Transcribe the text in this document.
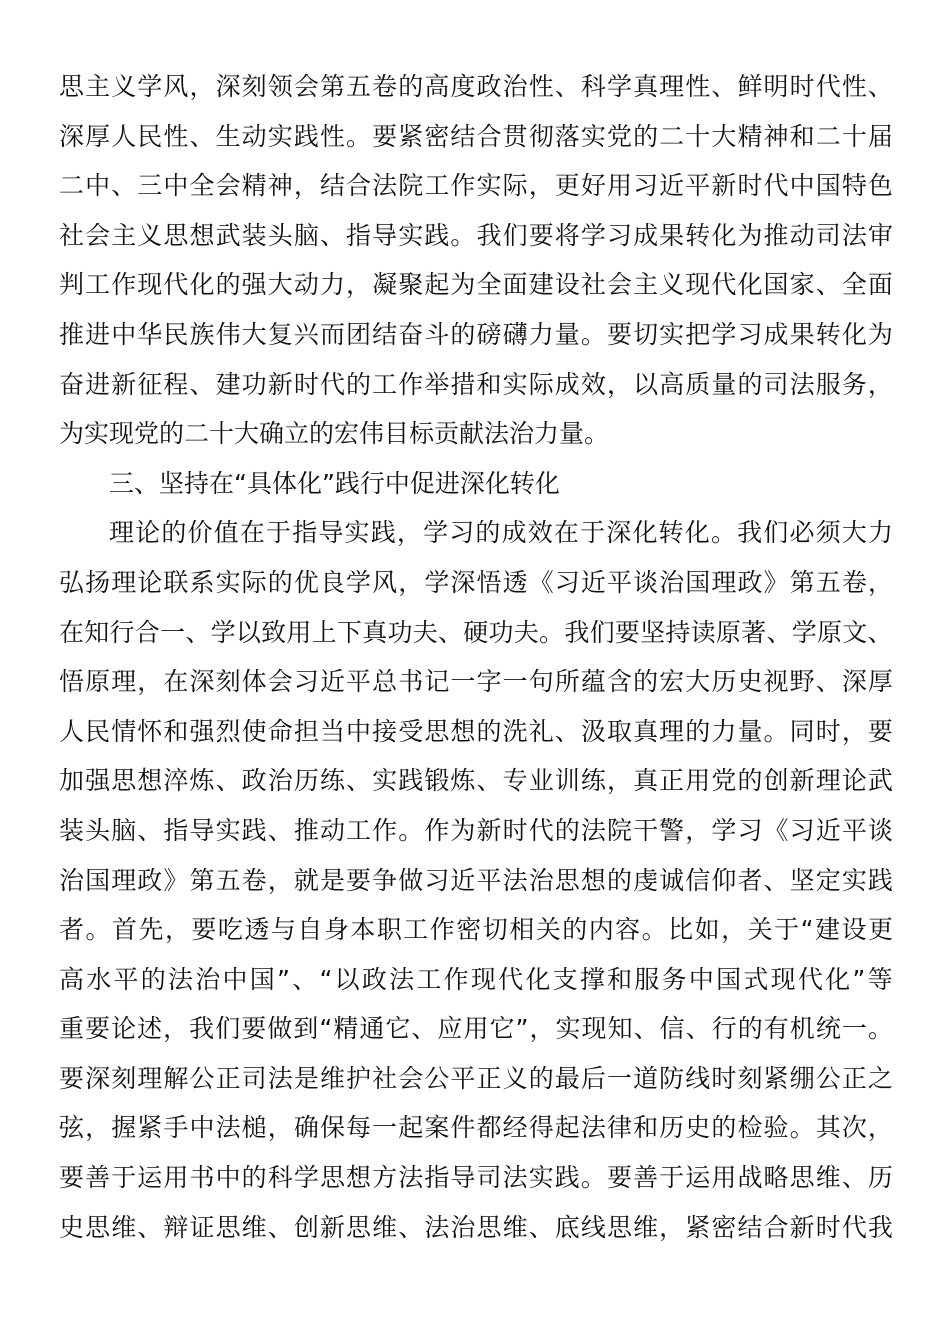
思 主 义 学 风 ， 深 刻 领 会 第 五 卷 的 高 度 政 治 性 、 科 学 真 理 性 、 鲜 明 时 代 性 、
深 厚 人 民 性 、 生 动 实 践 性 。 要 紧 密 结 合 贯 彻 落 实 党 的 二 十 大 精 神 和 二 十 届
二 中 、 三 中 全 会 精 神 ， 结 合 法 院 工 作 实 际 ， 更 好 用 习 近 平 新 时 代 中 国 特 色
社 会 主 义 思 想 武 装 头 脑 、 指 导 实 践 。 我 们 要 将 学 习 成 果 转 化 为 推 动 司 法 审
判 工 作 现 代 化 的 强 大 动 力 ， 凝 聚 起 为 全 面 建 设 社 会 主 义 现 代 化 国 家 、 全 面
推 进 中 华 民 族 伟 大 复 兴 而 团 结 奋 斗 的 磅 礴 力 量 。 要 切 实 把 学 习 成 果 转 化 为
奋 进 新 征 程 、 建 功 新 时 代 的 工 作 举 措 和 实 际 成 效 ， 以 高 质 量 的 司 法 服 务 ，
为实现党的二十大确立的宏伟目标贡献法治力量。
三、坚持在“具体化”践行中促进深化转化
理 论 的 价 值 在 于 指 导 实 践 ， 学 习 的 成 效 在 于 深 化 转 化 。 我 们 必 须 大 力
弘 扬 理 论 联 系 实 际 的 优 良 学 风 ， 学 深 悟 透 《 习 近 平 谈 治 国 理 政 》 第 五 卷 ，
在 知 行 合 一 、 学 以 致 用 上 下 真 功 夫 、 硬 功 夫 。 我 们 要 坚 持 读 原 著 、 学 原 文 、
悟 原 理 ， 在 深 刻 体 会 习 近 平 总 书 记 一 字 一 句 所 蕴 含 的 宏 大 历 史 视 野 、 深 厚
人 民 情 怀 和 强 烈 使 命 担 当 中 接 受 思 想 的 洗 礼 、 汲 取 真 理 的 力 量 。 同 时 ， 要
加 强 思 想 淬 炼 、 政 治 历 练 、 实 践 锻 炼 、 专 业 训 练 ， 真 正 用 党 的 创 新 理 论 武
装 头 脑 、 指 导 实 践 、 推 动 工 作 。 作 为 新 时 代 的 法 院 干 警 ， 学 习 《 习 近 平 谈
治 国 理 政 》 第 五 卷 ， 就 是 要 争 做 习 近 平 法 治 思 想 的 虔 诚 信 仰 者 、 坚 定 实 践
者 。 首 先 ， 要 吃 透 与 自 身 本 职 工 作 密 切 相 关 的 内 容 。 比 如 ， 关 于 “ 建 设 更
高 水 平 的 法 治 中 国 ” 、 “ 以 政 法 工 作 现 代 化 支 撑 和 服 务 中 国 式 现 代 化 ” 等
重 要 论 述 ， 我 们 要 做 到 “ 精 通 它 、 应 用 它 ” ， 实 现 知 、 信 、 行 的 有 机 统 一 。
要 深 刻 理 解 公 正 司 法 是 维 护 社 会 公 平 正 义 的 最 后 一 道 防 线 时 刻 紧 绷 公 正 之
弦 ， 握 紧 手 中 法 槌 ， 确 保 每 一 起 案 件 都 经 得 起 法 律 和 历 史 的 检 验 。 其 次 ，
要 善 于 运 用 书 中 的 科 学 思 想 方 法 指 导 司 法 实 践 。 要 善 于 运 用 战 略 思 维 、 历
史 思 维 、 辩 证 思 维 、 创 新 思 维 、 法 治 思 维 、 底 线 思 维 ， 紧 密 结 合 新 时 代 我
